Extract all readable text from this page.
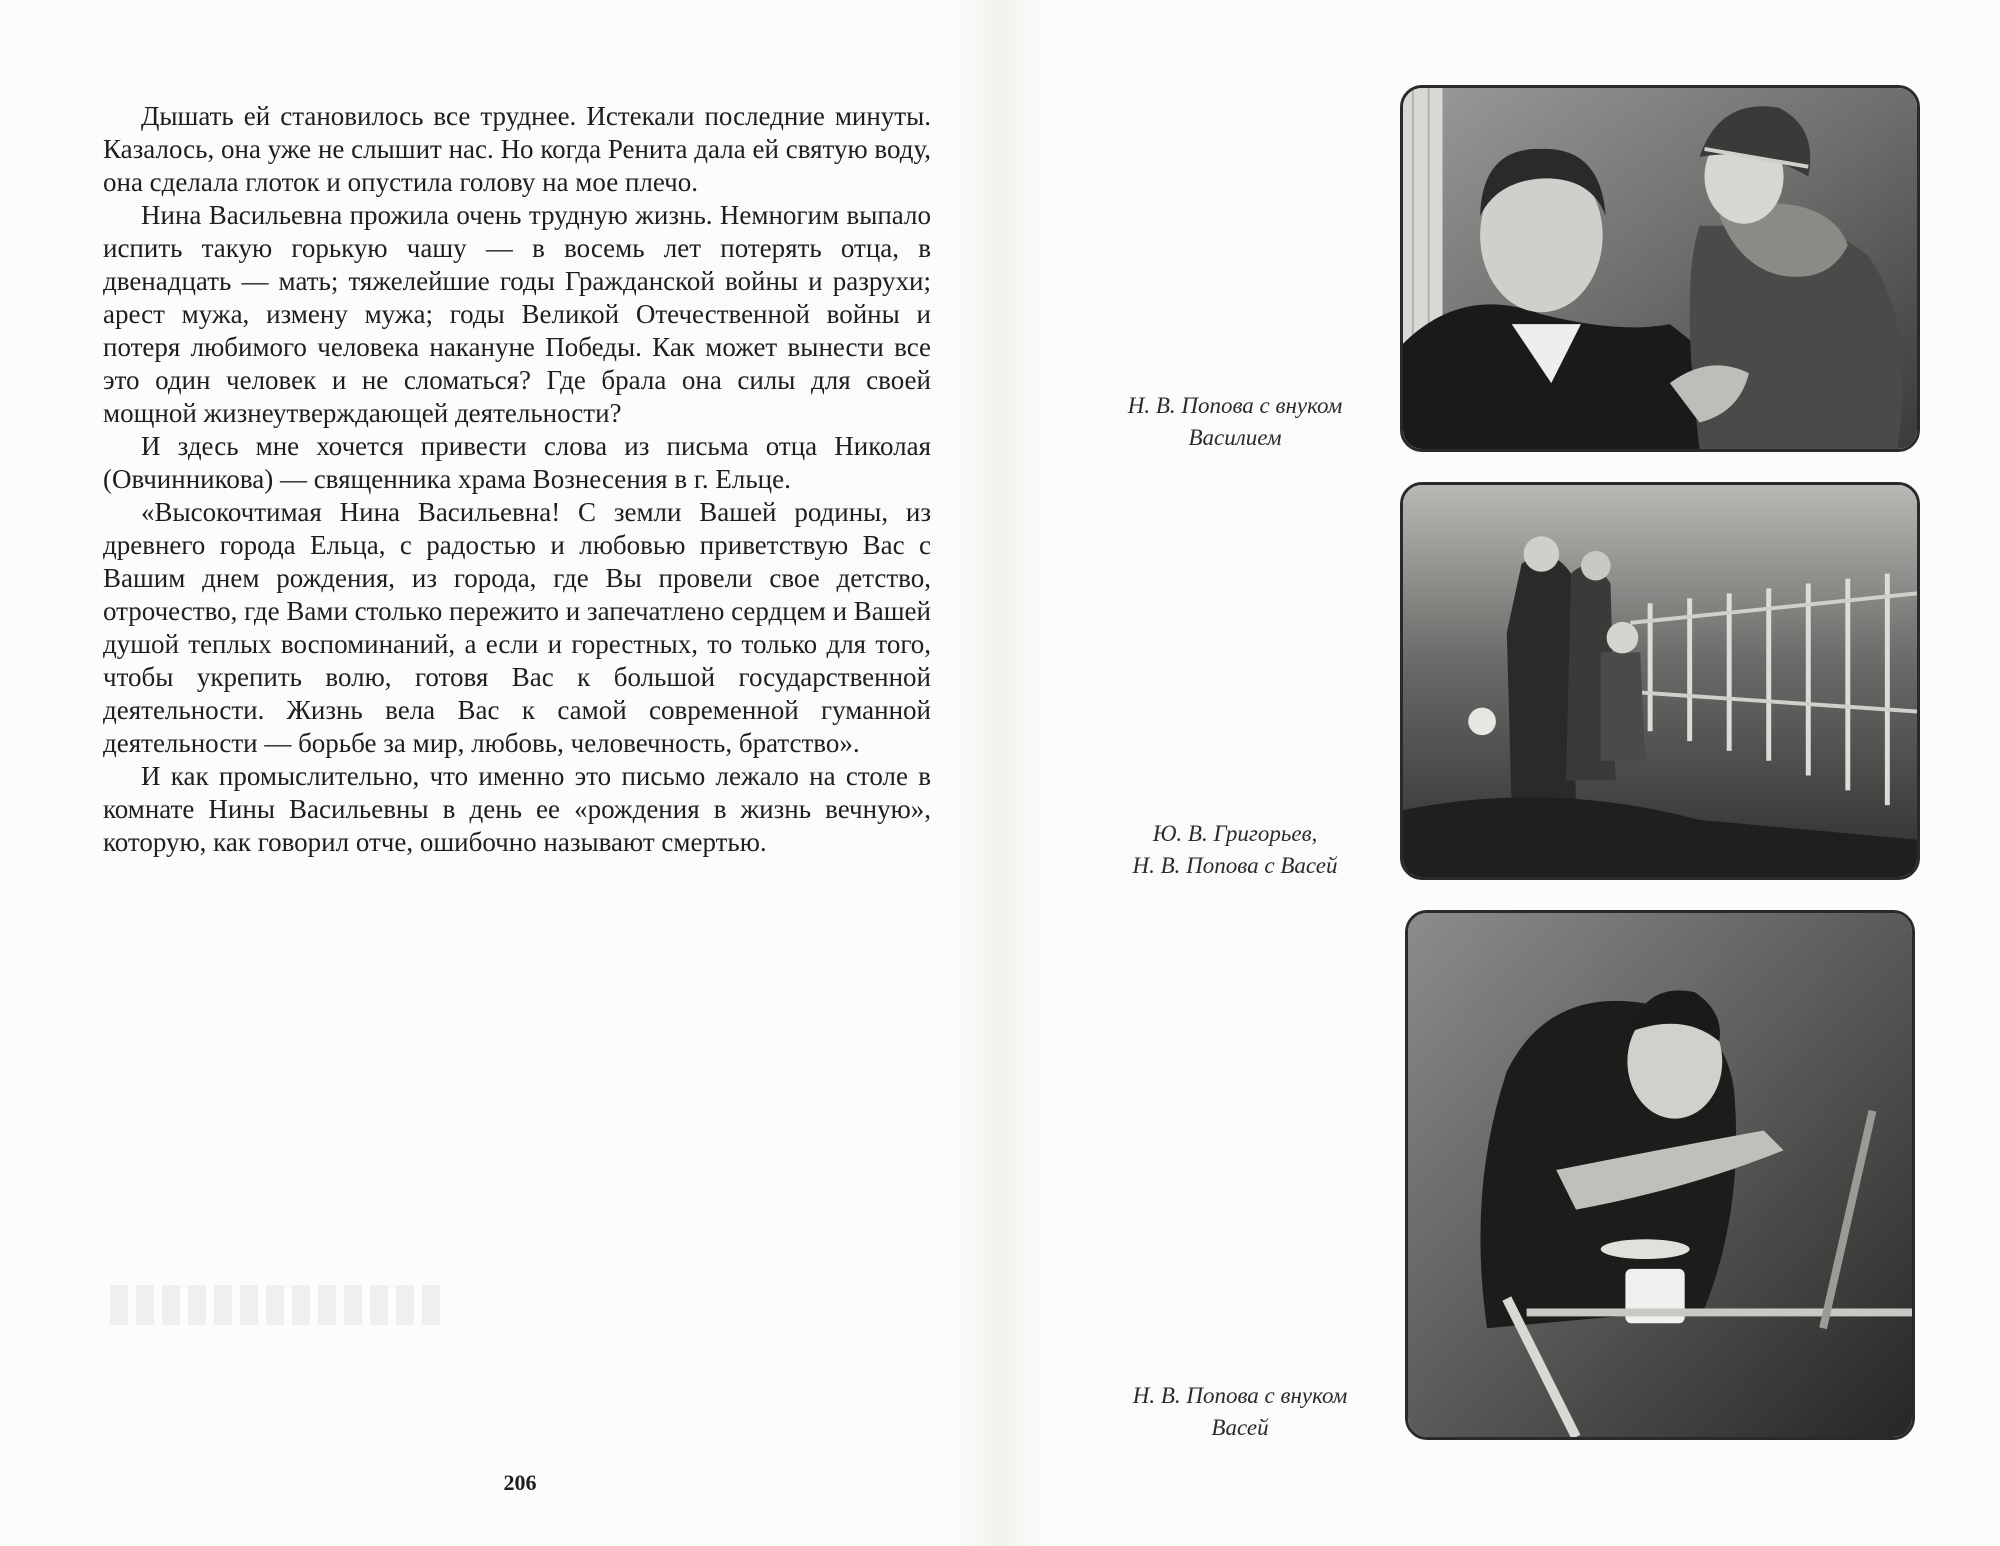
Дышать ей становилось все труднее. Истекали последние минуты. Казалось, она уже не слышит нас. Но когда Ренита дала ей святую воду, она сделала глоток и опустила голову на мое плечо.

Нина Васильевна прожила очень трудную жизнь. Немногим выпало испить такую горькую чашу — в восемь лет потерять отца, в двенадцать — мать; тяжелейшие годы Гражданской войны и разрухи; арест мужа, измену мужа; годы Великой Отечественной войны и потеря любимого человека накануне Победы. Как может вынести все это один человек и не сломаться? Где брала она силы для своей мощной жизнеутверждающей деятельности?

И здесь мне хочется привести слова из письма отца Николая (Овчинникова) — священника храма Вознесения в г. Ельце.

«Высокочтимая Нина Васильевна! С земли Вашей родины, из древнего города Ельца, с радостью и любовью приветствую Вас с Вашим днем рождения, из города, где Вы провели свое детство, отрочество, где Вами столько пережито и запечатлено сердцем и Вашей душой теплых воспоминаний, а если и горестных, то только для того, чтобы укрепить волю, готовя Вас к большой государственной деятельности. Жизнь вела Вас к самой современной гуманной деятельности — борьбе за мир, любовь, человечность, братство».

И как промыслительно, что именно это письмо лежало на столе в комнате Нины Васильевны в день ее «рождения в жизнь вечную», которую, как говорил отче, ошибочно называют смертью.

206
Н. В. Попова с внуком
Василием
Ю. В. Григорьев,
Н. В. Попова с Васей
Н. В. Попова с внуком
Васей
